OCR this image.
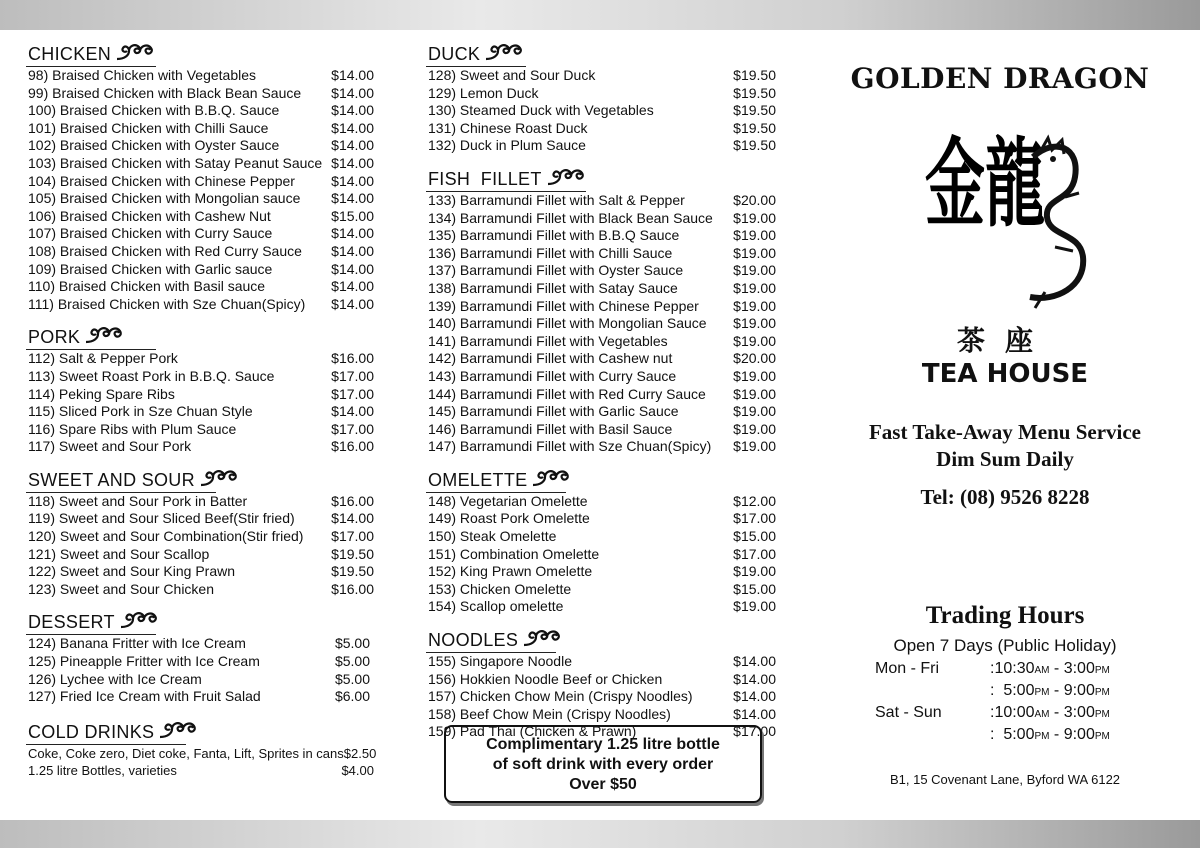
CHICKEN
98) Braised Chicken with Vegetables	$14.00
99) Braised Chicken with Black Bean Sauce $14.00
100) Braised Chicken with B.B.Q. Sauce	$14.00
101) Braised Chicken with Chilli Sauce	$14.00
102) Braised Chicken with Oyster Sauce	$14.00
103) Braised Chicken with Satay Peanut Sauce $14.00
104) Braised Chicken with Chinese Pepper	$14.00
105) Braised Chicken with Mongolian sauce $14.00
106) Braised Chicken with Cashew Nut	$15.00
107) Braised Chicken with Curry Sauce	$14.00
108) Braised Chicken with Red Curry Sauce $14.00
109) Braised Chicken with Garlic sauce	$14.00
110) Braised Chicken with Basil sauce	$14.00
111) Braised Chicken with Sze Chuan(Spicy) $14.00
PORK
112) Salt & Pepper Pork	$16.00
113) Sweet Roast Pork in B.B.Q. Sauce	$17.00
114) Peking Spare Ribs	$17.00
115) Sliced Pork in Sze Chuan Style	$14.00
116) Spare Ribs with Plum Sauce	$17.00
117) Sweet and Sour Pork	$16.00
SWEET AND SOUR
118) Sweet and Sour Pork in Batter	$16.00
119) Sweet and Sour Sliced Beef(Stir fried)	$14.00
120) Sweet and Sour Combination(Stir fried) $17.00
121) Sweet and Sour Scallop	$19.50
122) Sweet and Sour King Prawn	$19.50
123) Sweet and Sour Chicken	$16.00
DESSERT
124) Banana Fritter with Ice Cream	$5.00
125) Pineapple Fritter with Ice Cream	$5.00
126) Lychee with Ice Cream	$5.00
127) Fried Ice Cream with Fruit Salad	$6.00
COLD DRINKS
Coke, Coke zero, Diet coke, Fanta, Lift, Sprites in cans $2.50
1.25 litre Bottles, varieties	$4.00
DUCK
128) Sweet and Sour Duck	$19.50
129) Lemon Duck	$19.50
130) Steamed Duck with Vegetables	$19.50
131) Chinese Roast Duck	$19.50
132) Duck in Plum Sauce	$19.50
FISH  FILLET
133) Barramundi Fillet with Salt & Pepper	$20.00
134) Barramundi Fillet with Black Bean Sauce $19.00
135) Barramundi Fillet with B.B.Q Sauce	$19.00
136) Barramundi Fillet with Chilli Sauce	$19.00
137) Barramundi Fillet with Oyster Sauce	$19.00
138) Barramundi Fillet with Satay Sauce	$19.00
139) Barramundi Fillet with Chinese Pepper $19.00
140) Barramundi Fillet with Mongolian Sauce $19.00
141) Barramundi Fillet with Vegetables	$19.00
142) Barramundi Fillet with Cashew nut	$20.00
143) Barramundi Fillet with Curry Sauce	$19.00
144) Barramundi Fillet with Red Curry Sauce $19.00
145) Barramundi Fillet with Garlic Sauce	$19.00
146) Barramundi Fillet with Basil Sauce	$19.00
147) Barramundi Fillet with Sze Chuan(Spicy) $19.00
OMELETTE
148) Vegetarian Omelette	$12.00
149) Roast Pork Omelette	$17.00
150) Steak Omelette	$15.00
151) Combination Omelette	$17.00
152) King Prawn Omelette	$19.00
153) Chicken Omelette	$15.00
154) Scallop omelette	$19.00
NOODLES
155) Singapore Noodle	$14.00
156) Hokkien Noodle Beef or Chicken	$14.00
157) Chicken Chow Mein (Crispy Noodles)	$14.00
158) Beef Chow Mein (Crispy Noodles)	$14.00
159) Pad Thai (Chicken & Prawn)	$17.00
Complimentary 1.25 litre bottle
of soft drink with every order
Over $50
GOLDEN DRAGON
金龍
茶座
TEA HOUSE
Fast Take-Away Menu Service
Dim Sum Daily
Tel: (08) 9526 8228
Trading Hours
Open 7 Days (Public Holiday)
Mon - Fri	:10:30AM - 3:00PM
:  5:00PM - 9:00PM
Sat - Sun	:10:00AM - 3:00PM
:  5:00PM - 9:00PM
B1, 15 Covenant Lane, Byford WA 6122
